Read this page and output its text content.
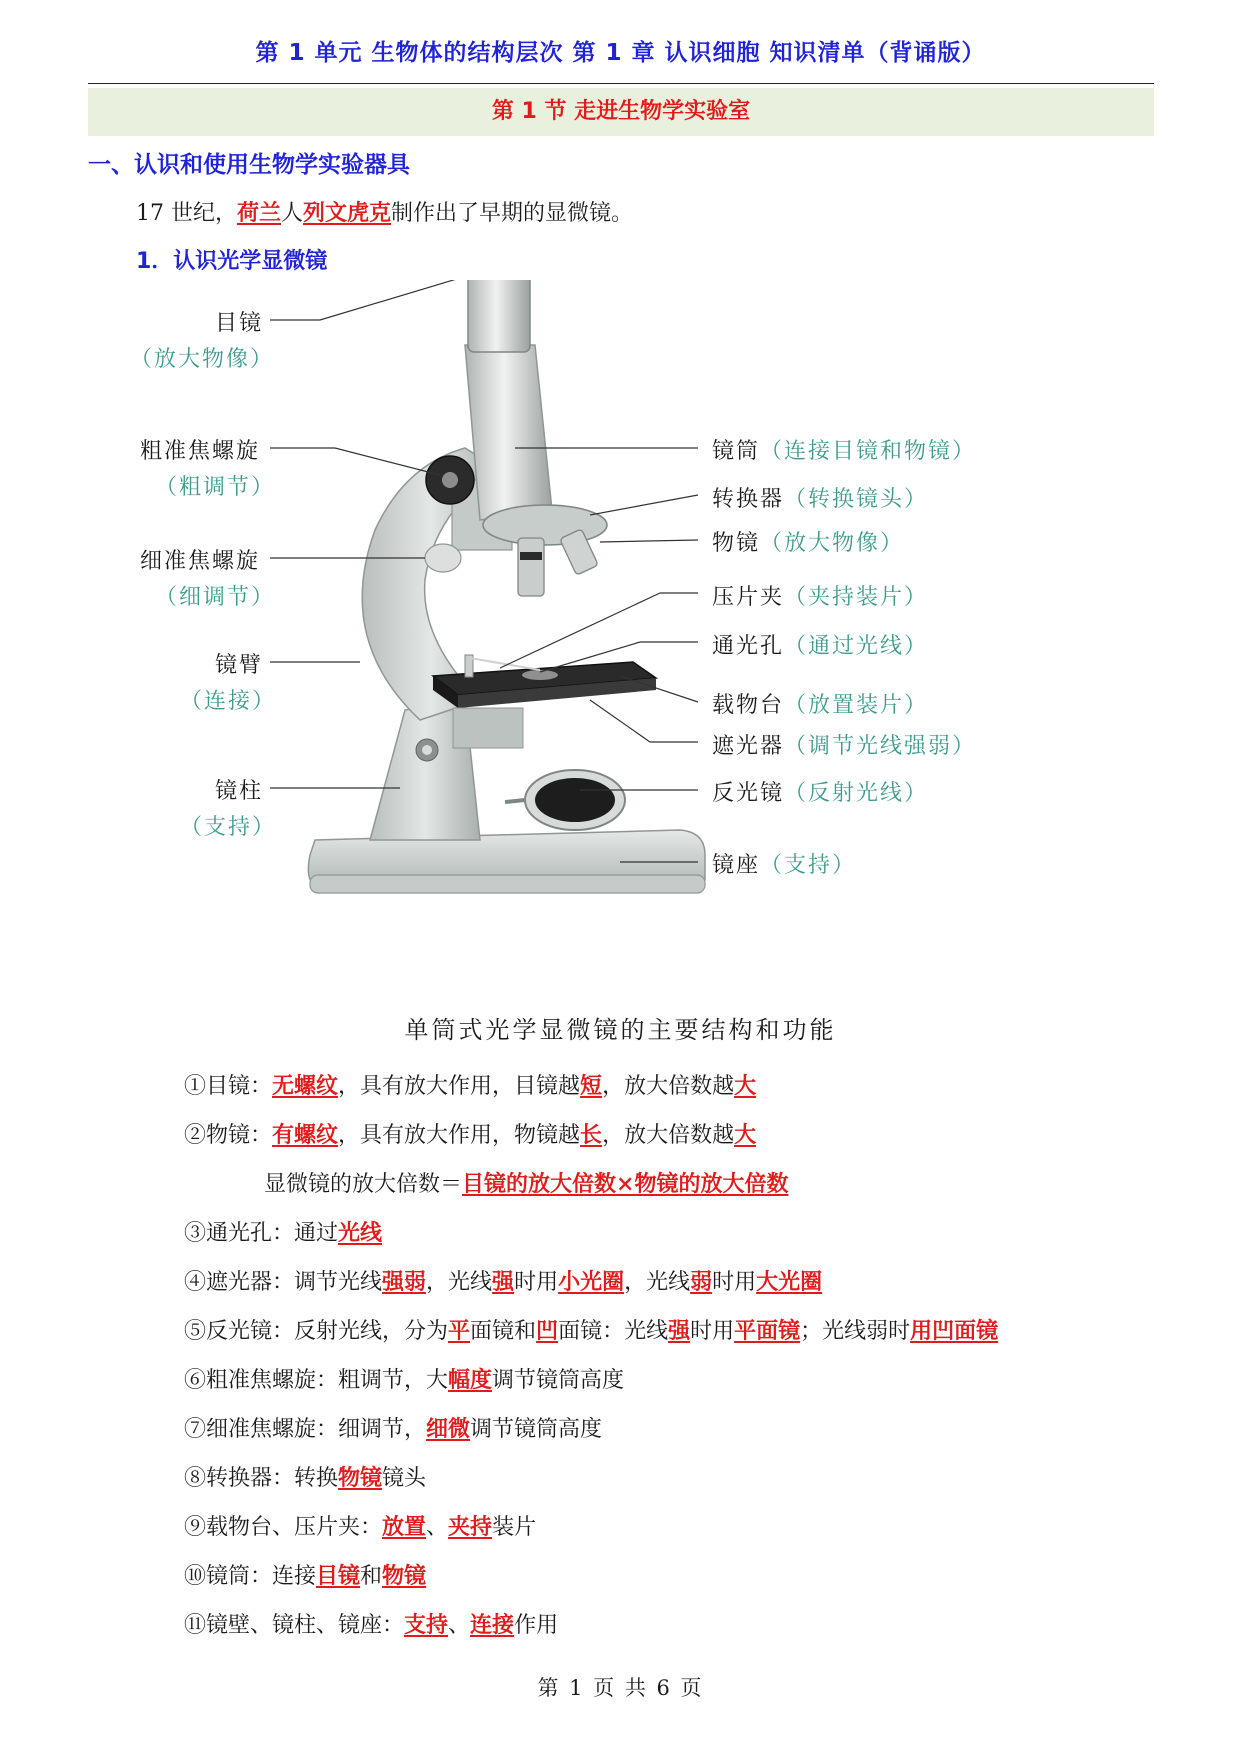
第 1 单元 生物体的结构层次 第 1 章 认识细胞 知识清单（背诵版）
第 1 节 走进生物学实验室
一、认识和使用生物学实验器具
17 世纪，荷兰人列文虎克制作出了早期的显微镜。
1．认识光学显微镜
目镜
（放大物像）
粗准焦螺旋
（粗调节）
细准焦螺旋
（细调节）
镜臂
（连接）
镜柱
（支持）
镜筒（连接目镜和物镜）
转换器（转换镜头）
物镜（放大物像）
压片夹（夹持装片）
通光孔（通过光线）
载物台（放置装片）
遮光器（调节光线强弱）
反光镜（反射光线）
镜座（支持）
单筒式光学显微镜的主要结构和功能
①目镜：无螺纹，具有放大作用，目镜越短，放大倍数越大
②物镜：有螺纹，具有放大作用，物镜越长，放大倍数越大
显微镜的放大倍数＝目镜的放大倍数×物镜的放大倍数
③通光孔：通过光线
④遮光器：调节光线强弱，光线强时用小光圈，光线弱时用大光圈
⑤反光镜：反射光线，分为平面镜和凹面镜：光线强时用平面镜；光线弱时用凹面镜
⑥粗准焦螺旋：粗调节，大幅度调节镜筒高度
⑦细准焦螺旋：细调节，细微调节镜筒高度
⑧转换器：转换物镜镜头
⑨载物台、压片夹：放置、夹持装片
⑩镜筒：连接目镜和物镜
⑪镜壁、镜柱、镜座：支持、连接作用
第 1 页 共 6 页
